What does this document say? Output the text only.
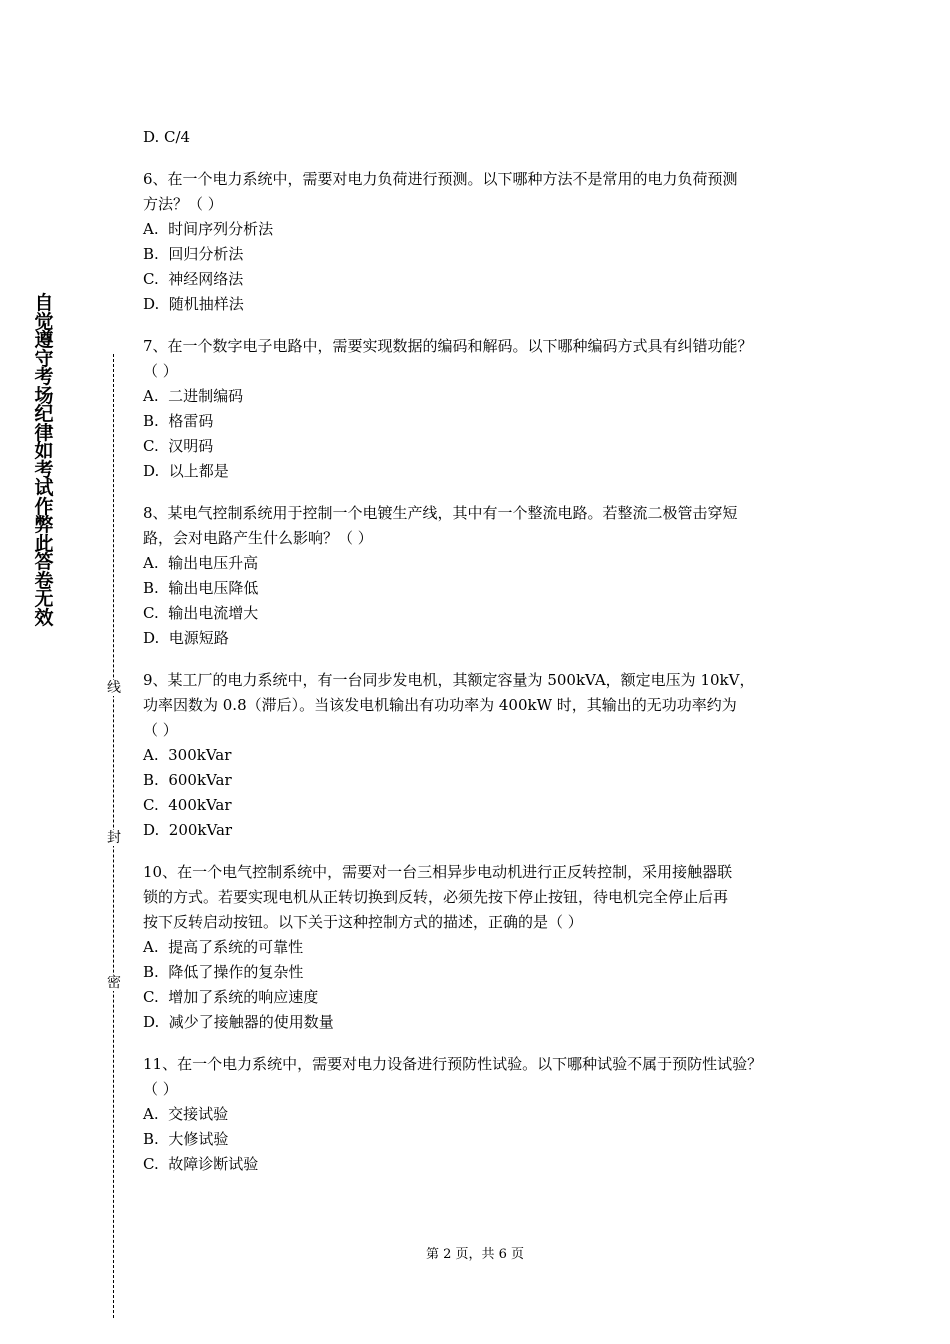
自觉遵守考场纪律如考试作弊此答卷无效
线
封
密
D. C/4
6、在一个电力系统中，需要对电力负荷进行预测。以下哪种方法不是常用的电力负荷预测
方法？（ ）
A.  时间序列分析法
B.  回归分析法
C.  神经网络法
D.  随机抽样法
7、在一个数字电子电路中，需要实现数据的编码和解码。以下哪种编码方式具有纠错功能？
（ ）
A.  二进制编码
B.  格雷码
C.  汉明码
D.  以上都是
8、某电气控制系统用于控制一个电镀生产线，其中有一个整流电路。若整流二极管击穿短
路，会对电路产生什么影响？（ ）
A.  输出电压升高
B.  输出电压降低
C.  输出电流增大
D.  电源短路
9、某工厂的电力系统中，有一台同步发电机，其额定容量为 500kVA，额定电压为 10kV，
功率因数为 0.8（滞后）。当该发电机输出有功功率为 400kW 时，其输出的无功功率约为
（ ）
A.  300kVar
B.  600kVar
C.  400kVar
D.  200kVar
10、在一个电气控制系统中，需要对一台三相异步电动机进行正反转控制，采用接触器联
锁的方式。若要实现电机从正转切换到反转，必须先按下停止按钮，待电机完全停止后再
按下反转启动按钮。以下关于这种控制方式的描述，正确的是（ ）
A.  提高了系统的可靠性
B.  降低了操作的复杂性
C.  增加了系统的响应速度
D.  减少了接触器的使用数量
11、在一个电力系统中，需要对电力设备进行预防性试验。以下哪种试验不属于预防性试验？
（ ）
A.  交接试验
B.  大修试验
C.  故障诊断试验
第 2 页，共 6 页
